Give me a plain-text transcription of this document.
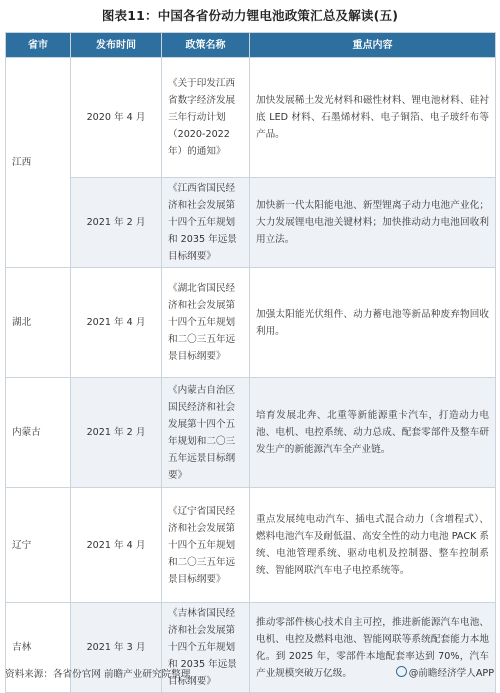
图表11：中国各省份动力锂电池政策汇总及解读(五)
省市	发布时间	政策名称	重点内容
江西	2020 年 4 月	《关于印发江西省数字经济发展三年行动计划（2020-2022 年）的通知》	加快发展稀土发光材料和磁性材料、锂电池材料、硅衬底 LED 材料、石墨烯材料、电子铜箔、电子玻纤布等产品。
	2021 年 2 月	《江西省国民经济和社会发展第十四个五年规划和 2035 年远景目标纲要》	加快新一代太阳能电池、新型锂离子动力电池产业化；大力发展锂电电池关键材料；加快推动动力电池回收利用立法。
湖北	2021 年 4 月	《湖北省国民经济和社会发展第十四个五年规划和二〇三五年远景目标纲要》	加强太阳能光伏组件、动力蓄电池等新品种废弃物回收利用。
内蒙古	2021 年 2 月	《内蒙古自治区国民经济和社会发展第十四个五年规划和二〇三五年远景目标纲要》	培育发展北奔、北重等新能源重卡汽车，打造动力电池、电机、电控系统、动力总成、配套零部件及整车研发生产的新能源汽车全产业链。
辽宁	2021 年 4 月	《辽宁省国民经济和社会发展第十四个五年规划和二〇三五年远景目标纲要》	重点发展纯电动汽车、插电式混合动力（含增程式）、燃料电池汽车及耐低温、高安全性的动力电池 PACK 系统、电池管理系统、驱动电机及控制器、整车控制系统、智能网联汽车电子电控系统等。
吉林	2021 年 3 月	《吉林省国民经济和社会发展第十四个五年规划和 2035 年远景目标纲要》	推动零部件核心技术自主可控，推进新能源汽车电池、电机、电控及燃料电池、智能网联等系统配套能力本地化。到 2025 年，零部件本地配套率达到 70%，汽车产业规模突破万亿级。
资料来源：各省份官网 前瞻产业研究院整理	@前瞻经济学人APP
